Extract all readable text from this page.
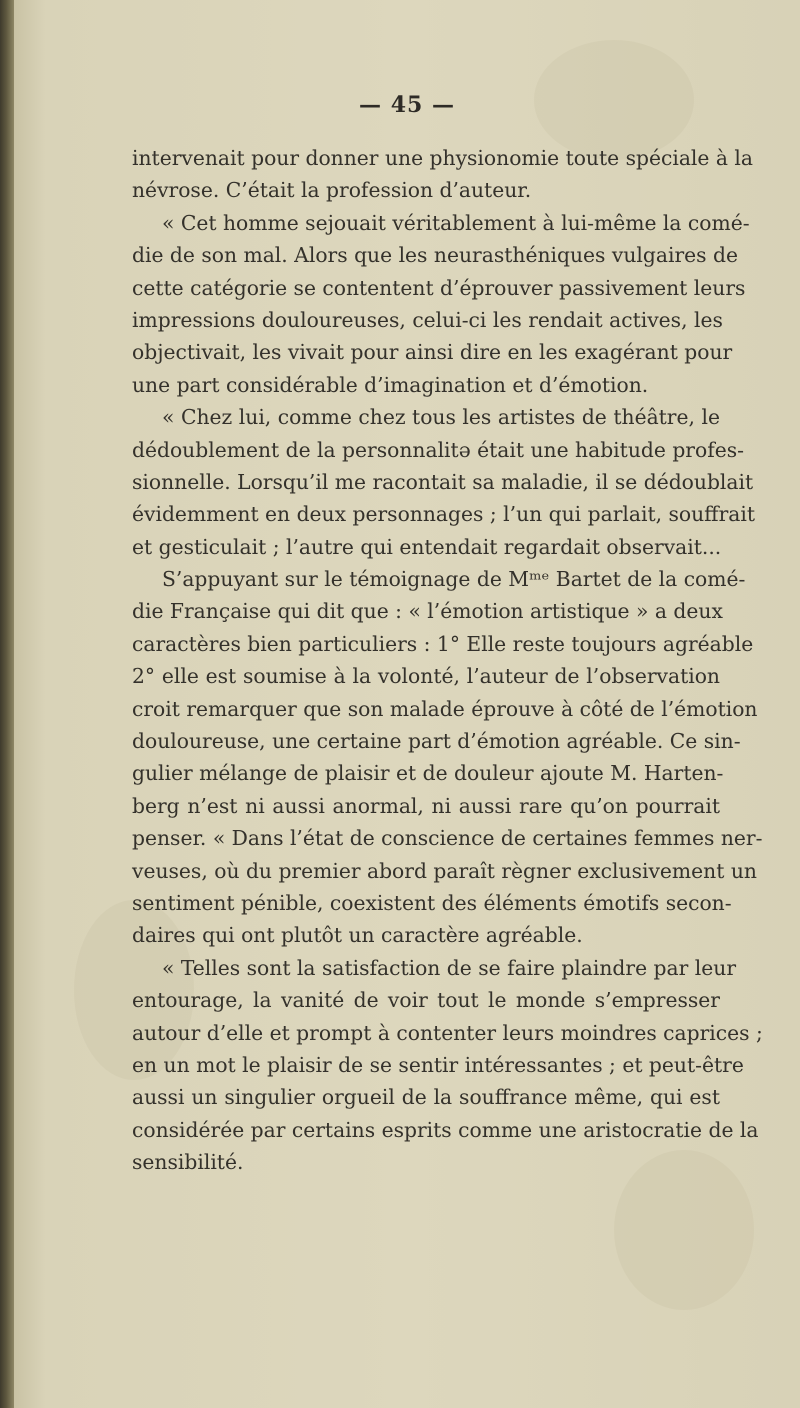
— 45 —
intervenait pour donner une physionomie toute spéciale à la
névrose. C’était la profession d’auteur.
« Cet homme sejouait véritablement à lui-même la comé-
die de son mal. Alors que les neurasthéniques vulgaires de
cette catégorie se contentent d’éprouver passivement leurs
impressions douloureuses, celui-ci les rendait actives, les
objectivait, les vivait pour ainsi dire en les exagérant pour
une part considérable d’imagination et d’émotion.
« Chez lui, comme chez tous les artistes de théâtre, le
dédoublement de la personnalitə était une habitude profes-
sionnelle. Lorsqu’il me racontait sa maladie, il se dédoublait
évidemment en deux personnages ; l’un qui parlait, souffrait
et gesticulait ; l’autre qui entendait regardait observait...
S’appuyant sur le témoignage de Mᵐᵉ Bartet de la comé-
die Française qui dit que : « l’émotion artistique » a deux
caractères bien particuliers : 1° Elle reste toujours agréable
2° elle est soumise à la volonté, l’auteur de l’observation
croit remarquer que son malade éprouve à côté de l’émotion
douloureuse, une certaine part d’émotion agréable. Ce sin-
gulier mélange de plaisir et de douleur ajoute M. Harten-
berg n’est ni aussi anormal, ni aussi rare qu’on pourrait
penser. « Dans l’état de conscience de certaines femmes ner-
veuses, où du premier abord paraît règner exclusivement un
sentiment pénible, coexistent des éléments émotifs secon-
daires qui ont plutôt un caractère agréable.
« Telles sont la satisfaction de se faire plaindre par leur
entourage, la vanité de voir tout le monde s’empresser
autour d’elle et prompt à contenter leurs moindres caprices ;
en un mot le plaisir de se sentir intéressantes ; et peut-être
aussi un singulier orgueil de la souffrance même, qui est
considérée par certains esprits comme une aristocratie de la
sensibilité.
